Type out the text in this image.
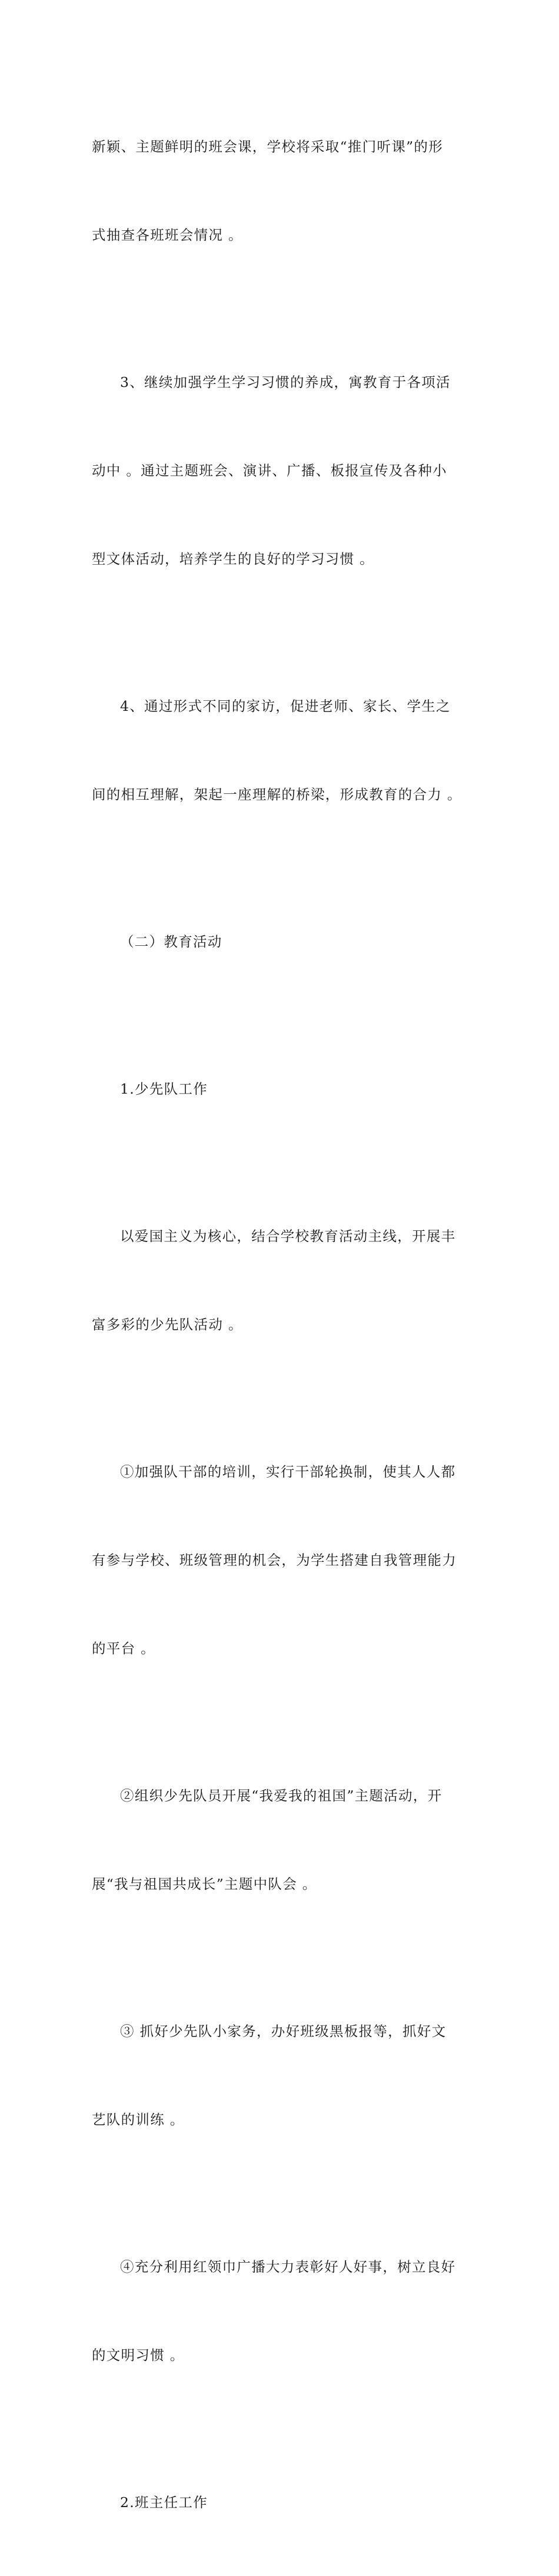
新颖、主题鲜明的班会课，学校将采取“推门听课”的形

式抽查各班班会情况 。

3、继续加强学生学习习惯的养成，寓教育于各项活

动中 。通过主题班会、演讲、广播、板报宣传及各种小

型文体活动，培养学生的良好的学习习惯 。

4、通过形式不同的家访，促进老师、家长、学生之

间的相互理解，架起一座理解的桥梁，形成教育的合力 。

（二）教育活动

1.少先队工作

以爱国主义为核心，结合学校教育活动主线，开展丰

富多彩的少先队活动 。

①加强队干部的培训，实行干部轮换制，使其人人都

有参与学校、班级管理的机会，为学生搭建自我管理能力

的平台 。

②组织少先队员开展“我爱我的祖国”主题活动，开

展“我与祖国共成长”主题中队会 。

③ 抓好少先队小家务，办好班级黑板报等，抓好文

艺队的训练 。

④充分利用红领巾广播大力表彰好人好事，树立良好

的文明习惯 。

2.班主任工作
